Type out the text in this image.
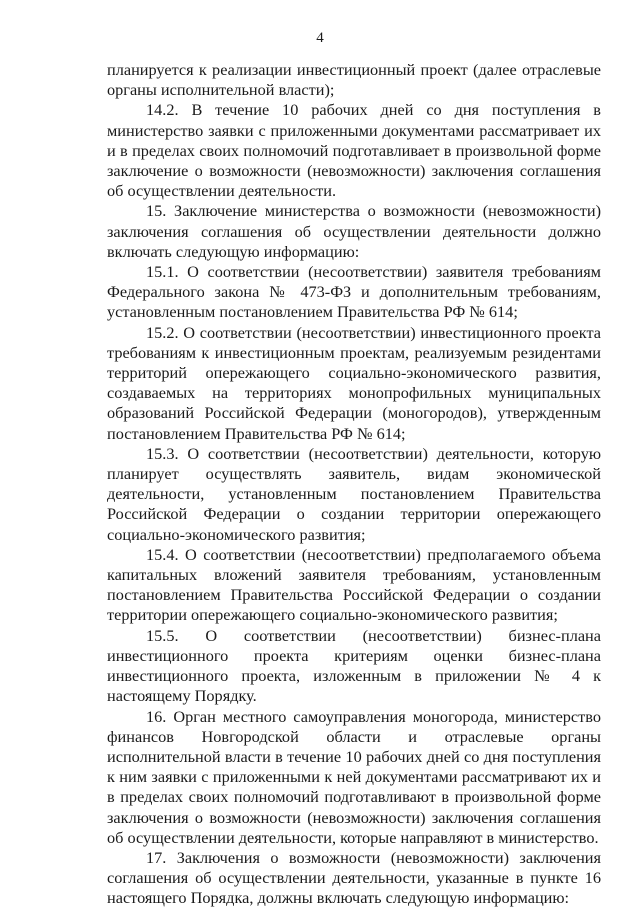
4

планируется к реализации инвестиционный проект (далее отраслевые органы исполнительной власти);

14.2. В течение 10 рабочих дней со дня поступления в министерство заявки с приложенными документами рассматривает их и в пределах своих полномочий подготавливает в произвольной форме заключение о возможности (невозможности) заключения соглашения об осуществлении деятельности.

15. Заключение министерства о возможности (невозможности) заключения соглашения об осуществлении деятельности должно включать следующую информацию:

15.1. О соответствии (несоответствии) заявителя требованиям Федерального закона № 473-ФЗ и дополнительным требованиям, установленным постановлением Правительства РФ № 614;

15.2. О соответствии (несоответствии) инвестиционного проекта требованиям к инвестиционным проектам, реализуемым резидентами территорий опережающего социально-экономического развития, создаваемых на территориях монопрофильных муниципальных образований Российской Федерации (моногородов), утвержденным постановлением Правительства РФ № 614;

15.3. О соответствии (несоответствии) деятельности, которую планирует осуществлять заявитель, видам экономической деятельности, установленным постановлением Правительства Российской Федерации о создании территории опережающего социально-экономического развития;

15.4. О соответствии (несоответствии) предполагаемого объема капитальных вложений заявителя требованиям, установленным постановлением Правительства Российской Федерации о создании территории опережающего социально-экономического развития;

15.5. О соответствии (несоответствии) бизнес-плана инвестиционного проекта критериям оценки бизнес-плана инвестиционного проекта, изложенным в приложении № 4 к настоящему Порядку.

16. Орган местного самоуправления моногорода, министерство финансов Новгородской области и отраслевые органы исполнительной власти в течение 10 рабочих дней со дня поступления к ним заявки с приложенными к ней документами рассматривают их и в пределах своих полномочий подготавливают в произвольной форме заключения о возможности (невозможности) заключения соглашения об осуществлении деятельности, которые направляют в министерство.

17. Заключения о возможности (невозможности) заключения соглашения об осуществлении деятельности, указанные в пункте 16 настоящего Порядка, должны включать следующую информацию:
